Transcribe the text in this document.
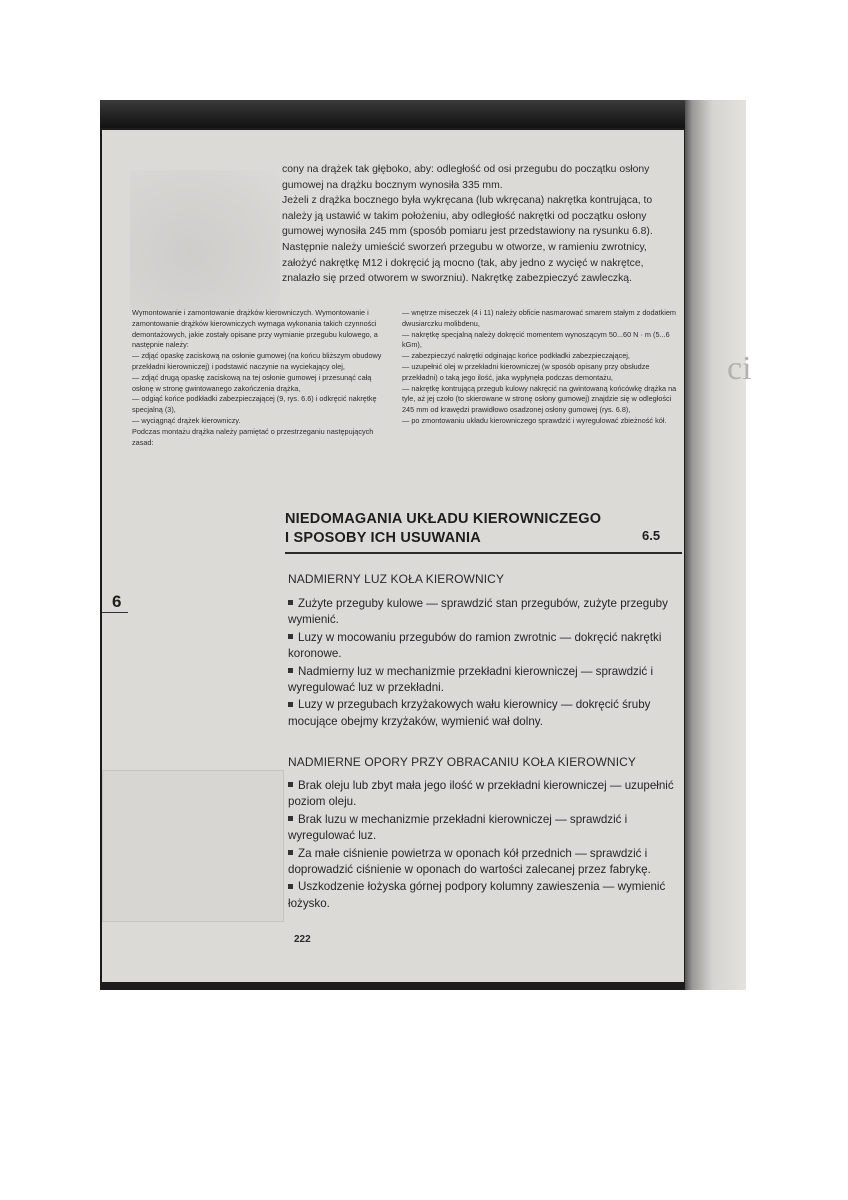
ci

cony na drążek tak głęboko, aby: odległość od osi przegubu do początku osłony gumowej na drążku bocznym wynosiła 335 mm.

Jeżeli z drążka bocznego była wykręcana (lub wkręcana) nakrętka kontrująca, to należy ją ustawić w takim położeniu, aby odległość nakrętki od początku osłony gumowej wynosiła 245 mm (sposób pomiaru jest przedstawiony na rysunku 6.8).

Następnie należy umieścić sworzeń przegubu w otworze, w ramieniu zwrotnicy, założyć nakrętkę M12 i dokręcić ją mocno (tak, aby jedno z wycięć w nakrętce, znalazło się przed otworem w sworzniu). Nakrętkę zabezpieczyć zawleczką.

Wymontowanie i zamontowanie drążków kierowniczych. Wymontowanie i zamontowanie drążków kierowniczych wymaga wykonania takich czynności demontażowych, jakie zostały opisane przy wymianie przegubu kulowego, a następnie należy:

— zdjąć opaskę zaciskową na osłonie gumowej (na końcu bliższym obudowy przekładni kierowniczej) i podstawić naczynie na wyciekający olej,

— zdjąć drugą opaskę zaciskową na tej osłonie gumowej i przesunąć całą osłonę w stronę gwintowanego zakończenia drążka,

— odgiąć końce podkładki zabezpieczającej (9, rys. 6.6) i odkręcić nakrętkę specjalną (3),

— wyciągnąć drążek kierowniczy.

Podczas montażu drążka należy pamiętać o przestrzeganiu następujących zasad:

— wnętrze miseczek (4 i 11) należy obficie nasmarować smarem stałym z dodatkiem dwusiarczku molibdenu,

— nakrętkę specjalną należy dokręcić momentem wynoszącym 50...60 N · m (5...6 kGm),

— zabezpieczyć nakrętki odginając końce podkładki zabezpieczającej,

— uzupełnić olej w przekładni kierowniczej (w sposób opisany przy obsłudze przekładni) o taką jego ilość, jaka wypłynęła podczas demontażu,

— nakrętkę kontrującą przegub kulowy nakręcić na gwintowaną końcówkę drążka na tyle, aż jej czoło (to skierowane w stronę osłony gumowej) znajdzie się w odległości 245 mm od krawędzi prawidłowo osadzonej osłony gumowej (rys. 6.8),

— po zmontowaniu układu kierowniczego sprawdzić i wyregulować zbieżność kół.

NIEDOMAGANIA UKŁADU KIEROWNICZEGO
I SPOSOBY ICH USUWANIA	6.5
6
NADMIERNY LUZ KOŁA KIEROWNICY

Zużyte przeguby kulowe — sprawdzić stan przegubów, zużyte przeguby wymienić.

Luzy w mocowaniu przegubów do ramion zwrotnic — dokręcić nakrętki koronowe.

Nadmierny luz w mechanizmie przekładni kierowniczej — sprawdzić i wyregulować luz w przekładni.

Luzy w przegubach krzyżakowych wału kierownicy — dokręcić śruby mocujące obejmy krzyżaków, wymienić wał dolny.

NADMIERNE OPORY PRZY OBRACANIU KOŁA KIEROWNICY

Brak oleju lub zbyt mała jego ilość w przekładni kierowniczej — uzupełnić poziom oleju.

Brak luzu w mechanizmie przekładni kierowniczej — sprawdzić i wyregulować luz.

Za małe ciśnienie powietrza w oponach kół przednich — sprawdzić i doprowadzić ciśnienie w oponach do wartości zalecanej przez fabrykę.

Uszkodzenie łożyska górnej podpory kolumny zawieszenia — wymienić łożysko.

222
